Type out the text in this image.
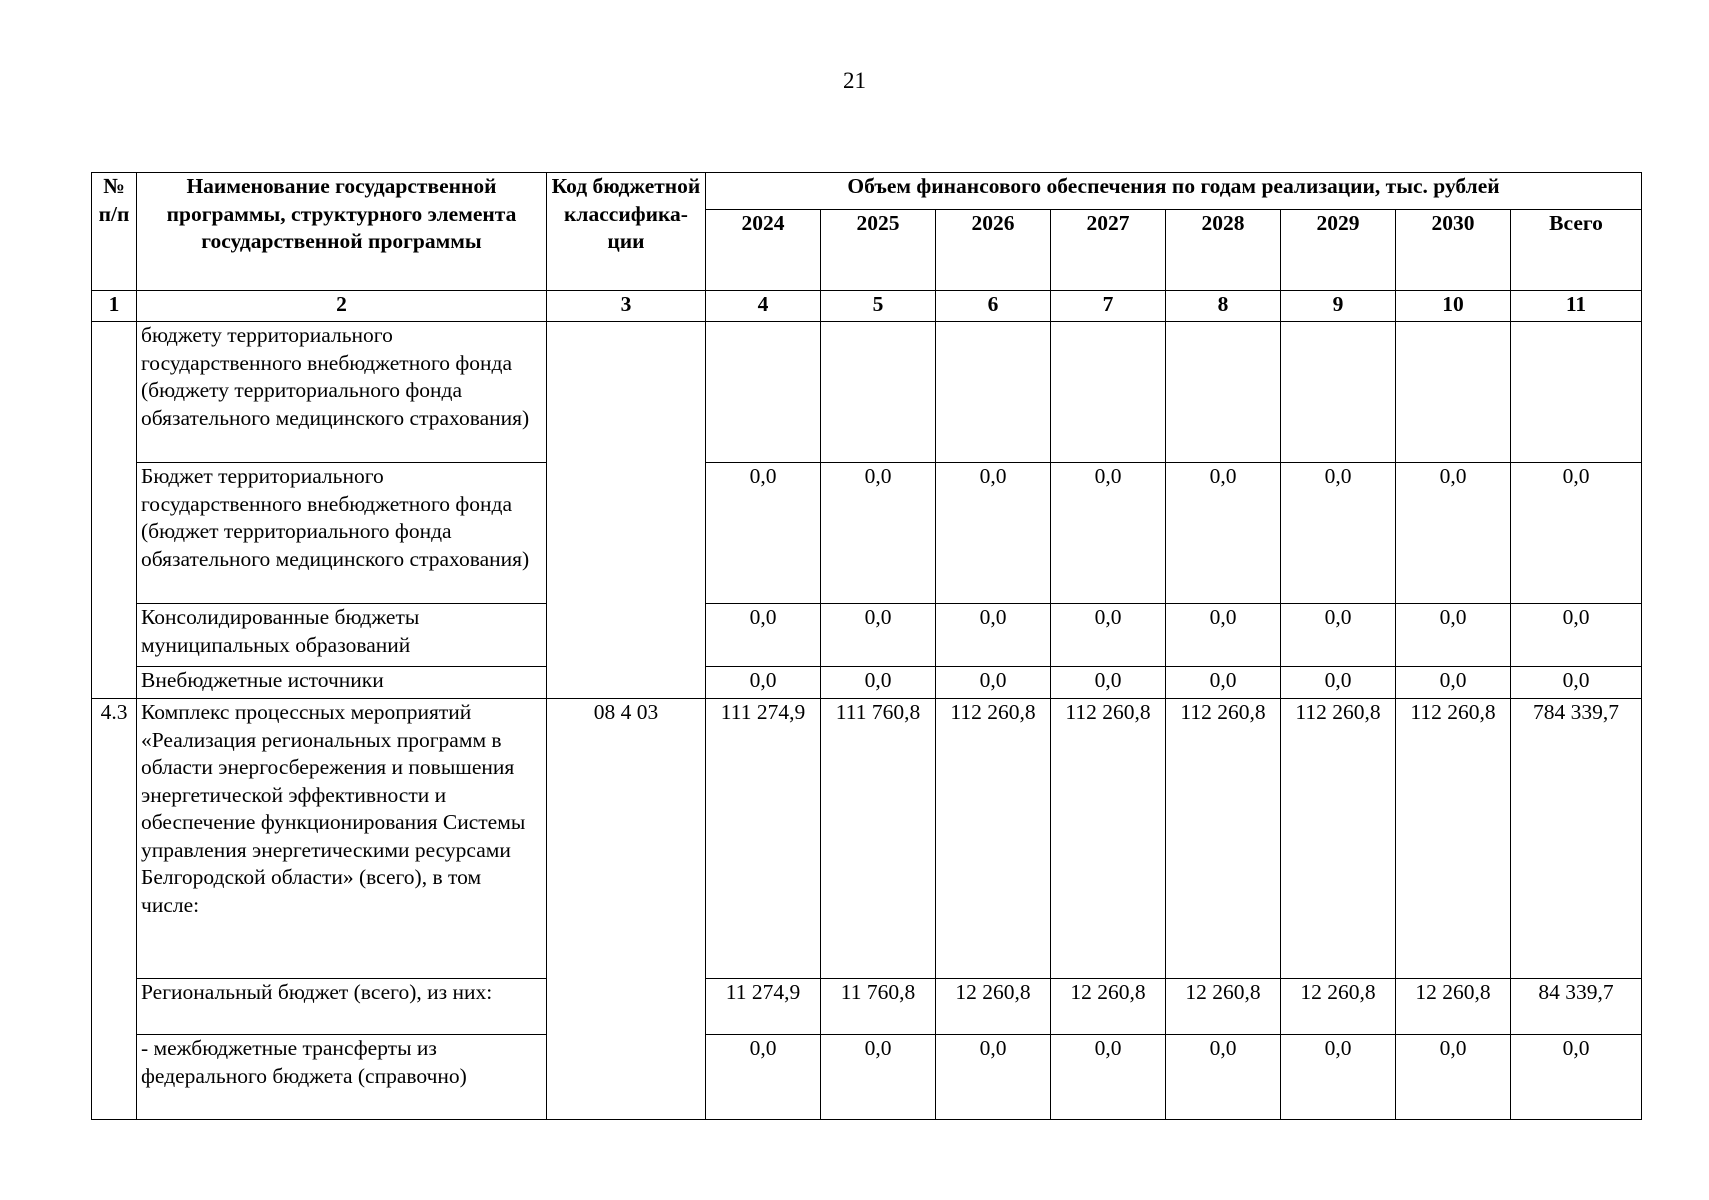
21
№ п/п	Наименование государственной программы, структурного элемента государственной программы	Код бюджетной классифика-ции	Объем финансового обеспечения по годам реализации, тыс. рублей							
			2024	2025	2026	2027	2028	2029	2030	Всего
1	2	3	4	5	6	7	8	9	10	11
	бюджету территориального государственного внебюджетного фонда (бюджету территориального фонда обязательного медицинского страхования)									
	Бюджет территориального государственного внебюджетного фонда (бюджет территориального фонда обязательного медицинского страхования)		0,0	0,0	0,0	0,0	0,0	0,0	0,0	0,0
	Консолидированные бюджеты муниципальных образований		0,0	0,0	0,0	0,0	0,0	0,0	0,0	0,0
	Внебюджетные источники		0,0	0,0	0,0	0,0	0,0	0,0	0,0	0,0
4.3	Комплекс процессных мероприятий «Реализация региональных программ в области энергосбережения и повышения энергетической эффективности и обеспечение функционирования Системы управления энергетическими ресурсами Белгородской области» (всего), в том числе:	08 4 03	111 274,9	111 760,8	112 260,8	112 260,8	112 260,8	112 260,8	112 260,8	784 339,7
	Региональный бюджет (всего), из них:		11 274,9	11 760,8	12 260,8	12 260,8	12 260,8	12 260,8	12 260,8	84 339,7
	- межбюджетные трансферты из федерального бюджета (справочно)		0,0	0,0	0,0	0,0	0,0	0,0	0,0	0,0
